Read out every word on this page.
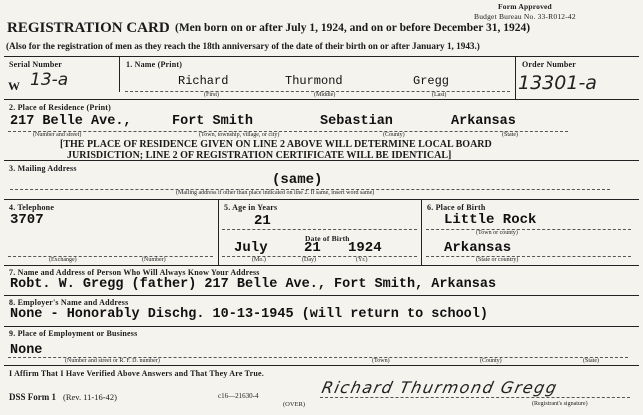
Form Approved
Budget Bureau No. 33-R012-42
REGISTRATION CARD (Men born on or after July 1, 1924, and on or before December 31, 1924)
(Also for the registration of men as they reach the 18th anniversary of the date of their birth on or after January 1, 1943.)
Serial Number
W 13-a
1. Name (Print)
Richard	Thurmond	Gregg
(First)	(Middle)	(Last)
Order Number
13301-a
2. Place of Residence (Print)
217 Belle Ave.,	Fort Smith	Sebastian	Arkansas
(Number and street)	(Town, township, village, or city)	(County)	(State)
[THE PLACE OF RESIDENCE GIVEN ON LINE 2 ABOVE WILL DETERMINE LOCAL BOARD
JURISDICTION; LINE 2 OF REGISTRATION CERTIFICATE WILL BE IDENTICAL]
3. Mailing Address
(same)
(Mailing address if other than place indicated on line 2. If same, insert word same)
4. Telephone
3707
(Exchange)	(Number)
5. Age in Years
21
Date of Birth
July	21 1924
(Mo.)	(Day)	(Yr.)
6. Place of Birth
Little Rock
(Town or county)
Arkansas
(State or country)
7. Name and Address of Person Who Will Always Know Your Address
Robt. W. Gregg (father) 217 Belle Ave., Fort Smith, Arkansas
8. Employer's Name and Address
None - Honorably Dischg. 10-13-1945 (will return to school)
9. Place of Employment or Business
None
(Number and street or R. F. D. number)	(Town)	(County)	(State)
I Affirm That I Have Verified Above Answers and That They Are True.
DSS Form 1 (Rev. 11-16-42)	c16—21630-4
(OVER)
Richard Thurmond Gregg
(Registrant's signature)
